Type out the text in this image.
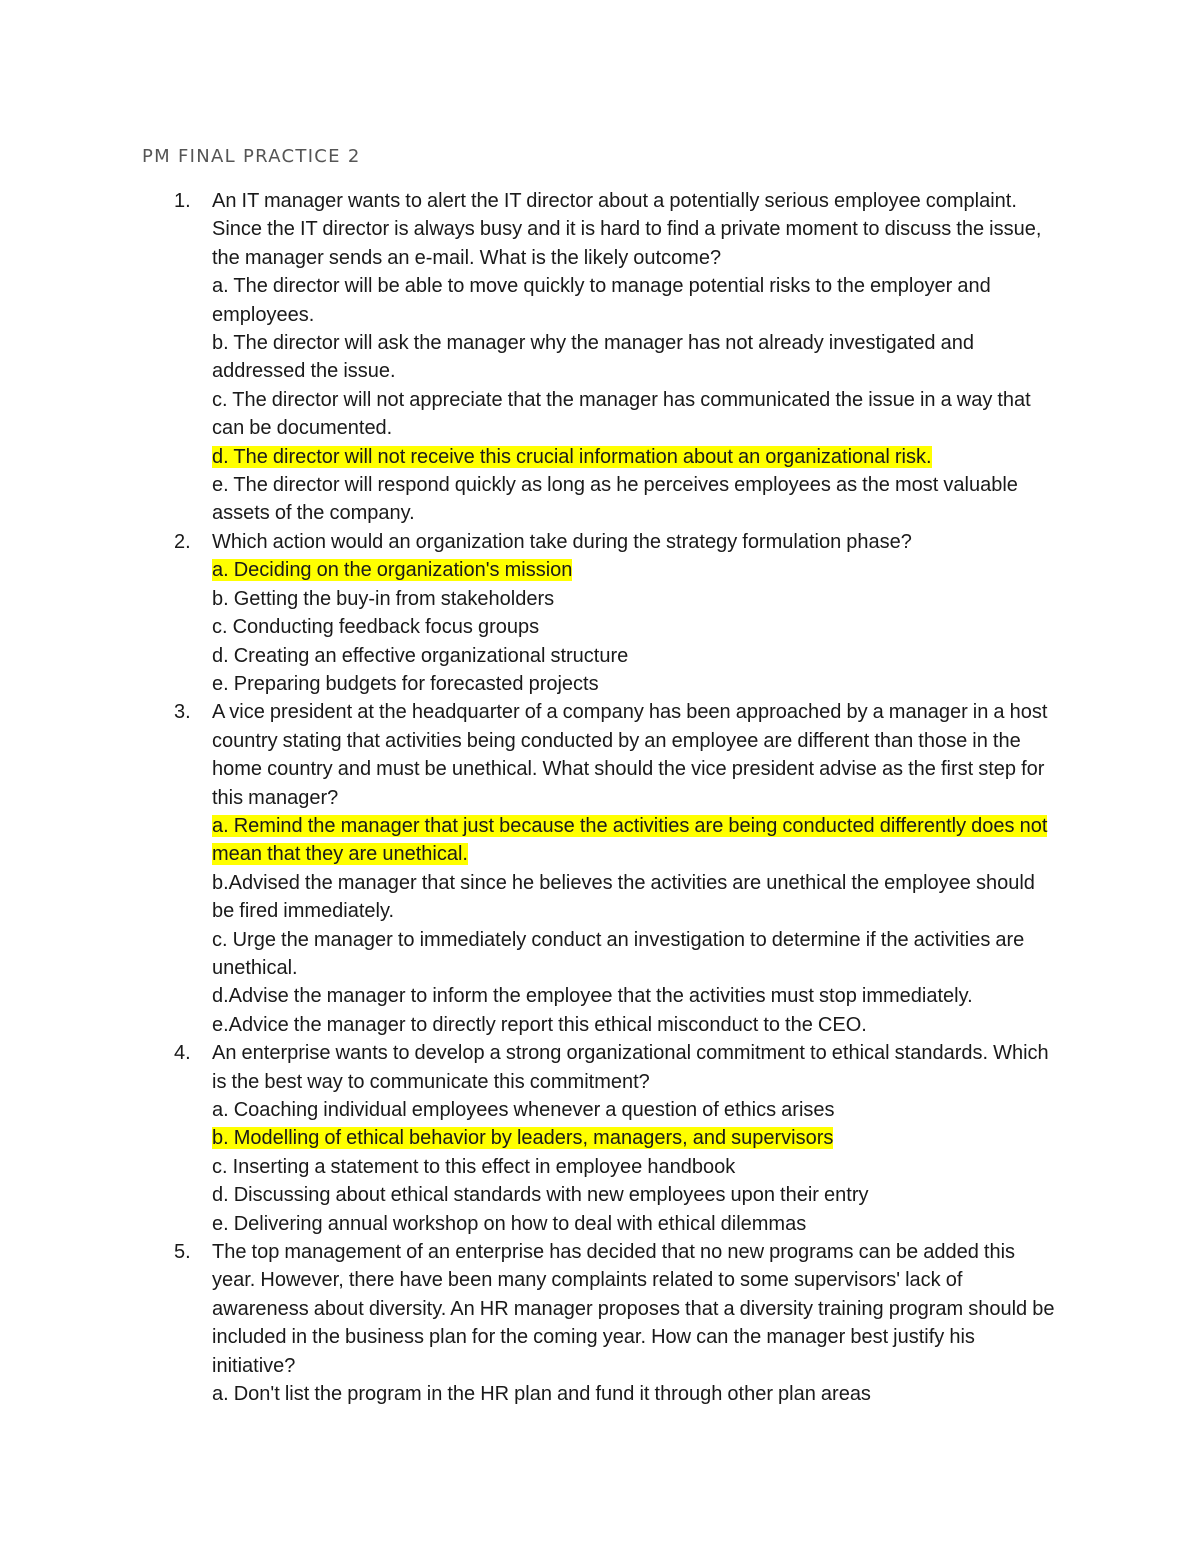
PM FINAL PRACTICE 2
1. An IT manager wants to alert the IT director about a potentially serious employee complaint. Since the IT director is always busy and it is hard to find a private moment to discuss the issue, the manager sends an e-mail. What is the likely outcome?
a. The director will be able to move quickly to manage potential risks to the employer and employees.
b. The director will ask the manager why the manager has not already investigated and addressed the issue.
c. The director will not appreciate that the manager has communicated the issue in a way that can be documented.
d. The director will not receive this crucial information about an organizational risk.
e. The director will respond quickly as long as he perceives employees as the most valuable assets of the company.
2. Which action would an organization take during the strategy formulation phase?
a. Deciding on the organization's mission
b. Getting the buy-in from stakeholders
c. Conducting feedback focus groups
d. Creating an effective organizational structure
e. Preparing budgets for forecasted projects
3. A vice president at the headquarter of a company has been approached by a manager in a host country stating that activities being conducted by an employee are different than those in the home country and must be unethical. What should the vice president advise as the first step for this manager?
a. Remind the manager that just because the activities are being conducted differently does not mean that they are unethical.
b.Advised the manager that since he believes the activities are unethical the employee should be fired immediately.
c. Urge the manager to immediately conduct an investigation to determine if the activities are unethical.
d.Advise the manager to inform the employee that the activities must stop immediately.
e.Advice the manager to directly report this ethical misconduct to the CEO.
4. An enterprise wants to develop a strong organizational commitment to ethical standards. Which is the best way to communicate this commitment?
a. Coaching individual employees whenever a question of ethics arises
b. Modelling of ethical behavior by leaders, managers, and supervisors
c. Inserting a statement to this effect in employee handbook
d. Discussing about ethical standards with new employees upon their entry
e. Delivering annual workshop on how to deal with ethical dilemmas
5. The top management of an enterprise has decided that no new programs can be added this year. However, there have been many complaints related to some supervisors' lack of awareness about diversity. An HR manager proposes that a diversity training program should be included in the business plan for the coming year. How can the manager best justify his initiative?
a. Don't list the program in the HR plan and fund it through other plan areas
